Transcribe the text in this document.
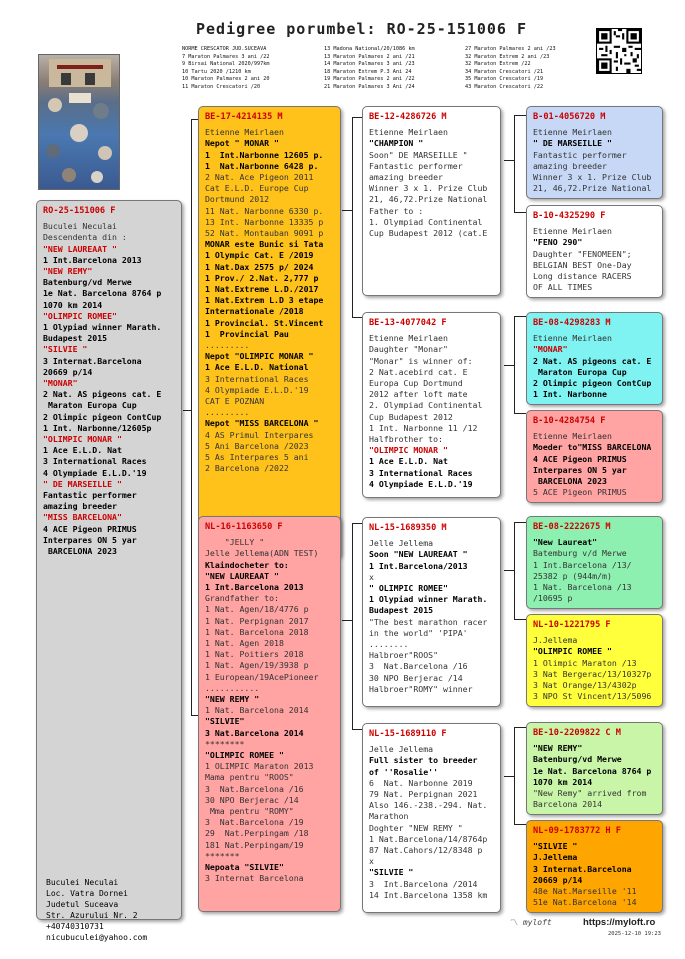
Pedigree porumbel: RO-25-151006 F
NORME CRESCATOR JUD.SUCEAVA
7 Maraton Palmares 3 ani /22
9 Birsai National 2020/997km
10 Tartu 2020 /1210 km
10 Maraton Palmares 2 ani 20
11 Maraton Crescatori /20
13 Madona National/20/1086 km
13 Maraton Palmares 2 ani /21
14 Maraton Palmares 3 ani /23
18 Maraton Extrem P.3 Ani 24
19 Maraton Palmares 2 ani /22
21 Maraton Palmares 3 Ani /24
27 Maraton Palmares 2 ani /23
32 Maraton Extrem 2 ani /23
32 Maraton Extrem /22
34 Maraton Crescatori /21
35 Maraton Crescatori /19
43 Maraton Crescatori /22
RO-25-151006 F
Buculei Neculai
Descendenta din :
"NEW LAUREAAT "
1 Int.Barcelona 2013
"NEW REMY"
Batenburg/vd Merwe
1e Nat. Barcelona 8764 p
1070 km 2014
"OLIMPIC ROMEE"
1 Olypiad winner Marath.
Budapest 2015
"SILVIE "
3 Internat.Barcelona
20669 p/14
"MONAR"
2 Nat. AS pigeons cat. E
Maraton Europa Cup
2 Olimpic pigeon ContCup
1 Int. Narbonne/12605p
"OLIMPIC MONAR "
1 Ace E.L.D. Nat
3 International Races
4 Olympiade E.L.D.'19
" DE MARSEILLE "
Fantastic performer
amazing breeder
"MISS BARCELONA"
4 ACE Pigeon PRIMUS
Interpares ON 5 yar
BARCELONA 2023
BE-17-4214135 M
Etienne Meirlaen
Nepot " MONAR "
1  Int.Narbonne 12605 p.
1  Nat.Narbonne 6428 p.
2 Nat. Ace Pigeon 2011
Cat E.L.D. Europe Cup
Dortmund 2012
11 Nat. Narbonne 6330 p.
13 Int. Narbonne 13335 p
52 Nat. Montauban 9091 p
MONAR este Bunic si Tata
1 Olympic Cat. E /2019
1 Nat.Dax 2575 p/ 2024
1 Prov./ 2.Nat. 2,777 p
1 Nat.Extreme L.D./2017
1 Nat.Extrem L.D 3 etape
Internationale /2018
1 Provincial. St.Vincent
1  Provincial Pau
.........
Nepot "OLIMPIC MONAR "
1 Ace E.L.D. National
3 International Races
4 Olympiade E.L.D.'19
CAT E POZNAN
.........
Nepot "MISS BARCELONA "
4 AS Primul Interpares
5 Ani Barcelona /2023
5 As Interpares 5 ani
2 Barcelona /2022
NL-16-1163650 F
"JELLY "
Jelle Jellema(ADN TEST)
Klaindocheter to:
"NEW LAUREAAT "
1 Int.Barcelona 2013
Grandfather to:
1 Nat. Agen/18/4776 p
1 Nat. Perpignan 2017
1 Nat. Barcelona 2018
1 Nat. Agen 2018
1 Nat. Poitiers 2018
1 Nat. Agen/19/3938 p
1 European/19AcePioneer
...........
"NEW REMY "
1 Nat. Barcelona 2014
"SILVIE"
3 Nat.Barcelona 2014
********
"OLIMPIC ROMEE "
1 OLIMPIC Maraton 2013
Mama pentru "ROOS"
3  Nat.Barcelona /16
30 NPO Berjerac /14
Mma pentru "ROMY"
3  Nat.Barcelona /19
29  Nat.Perpingam /18
181 Nat.Perpingam/19
*******
Nepoata "SILVIE"
3 Internat Barcelona
BE-12-4286726 M
Etienne Meirlaen
"CHAMPION "
Soon" DE MARSEILLE "
Fantastic performer
amazing breeder
Winner 3 x 1. Prize Club
21, 46,72.Prize National
Father to :
1. Olympiad Continental
Cup Budapest 2012 (cat.E
BE-13-4077042 F
Etienne Meirlaen
Daughter "Monar"
"Monar" is winner of:
2 Nat.acebird cat. E
Europa Cup Dortmund
2012 after loft mate
2. Olympiad Continental
Cup Budapest 2012
1 Int. Narbonne 11 /12
Halfbrother to:
"OLIMPIC MONAR "
1 Ace E.L.D. Nat
3 International Races
4 Olympiade E.L.D.'19
NL-15-1689350 M
Jelle Jellema
Soon "NEW LAUREAAT "
1 Int.Barcelona/2013
x
" OLIMPIC ROMEE"
1 Olypiad winner Marath.
Budapest 2015
"The best marathon racer
in the world" 'PIPA'
........
Halbroer"ROOS"
3  Nat.Barcelona /16
30 NPO Berjerac /14
Halbroer"ROMY" winner
NL-15-1689110 F
Jelle Jellema
Full sister to breeder
of ''Rosalie''
6  Nat. Narbonne 2019
79 Nat. Perpignan 2021
Also 146.-238.-294. Nat.
Marathon
Doghter "NEW REMY "
1 Nat.Barcelona/14/8764p
87 Nat.Cahors/12/8348 p
x
"SILVIE "
3  Int.Barcelona /2014
14 Int.Barcelona 1358 km
B-01-4056720 M
Etienne Meirlaen
" DE MARSEILLE "
Fantastic performer
amazing breeder
Winner 3 x 1. Prize Club
21, 46,72.Prize National
B-10-4325290 F
Etienne Meirlaen
"FENO 290"
Daughter "FENOMEEN";
BELGIAN BEST One-Day
Long distance RACERS
OF ALL TIMES
BE-08-4298283 M
Etienne Meirlaen
"MONAR"
2 Nat. AS pigeons cat. E
Maraton Europa Cup
2 Olimpic pigeon ContCup
1 Int. Narbonne
B-10-4284754 F
Etienne Meirlaen
Moeder to"MISS BARCELONA
4 ACE Pigeon PRIMUS
Interpares ON 5 yar
BARCELONA 2023
5 ACE Pigeon PRIMUS
BE-08-2222675 M
"New Laureat"
Batemburg v/d Merwe
1 Int.Barcelona /13/
25382 p (944m/m)
1 Nat. Barcelona /13
/10695 p
NL-10-1221795 F
J.Jellema
"OLIMPIC ROMEE "
1 Olimpic Maraton /13
3 Nat Bergerac/13/10327p
3 Nat Orange/13/4302p
3 NPO St Vincent/13/5096
BE-10-2209822 C M
"NEW REMY"
Batenburg/vd Merwe
1e Nat. Barcelona 8764 p
1070 km 2014
"New Remy" arrived from
Barcelona 2014
NL-09-1783772 H F
"SILVIE "
J.Jellema
3 Internat.Barcelona
20669 p/14
48e Nat.Marseille '11
51e Nat.Barcelona '14
Buculei Neculai
Loc. Vatra Dornei
Judetul Suceava
Str. Azurului Nr. 2
+40740310731
nicubuculei@yahoo.com
〽 myloft	https://myloft.ro
2025-12-10 19:23
